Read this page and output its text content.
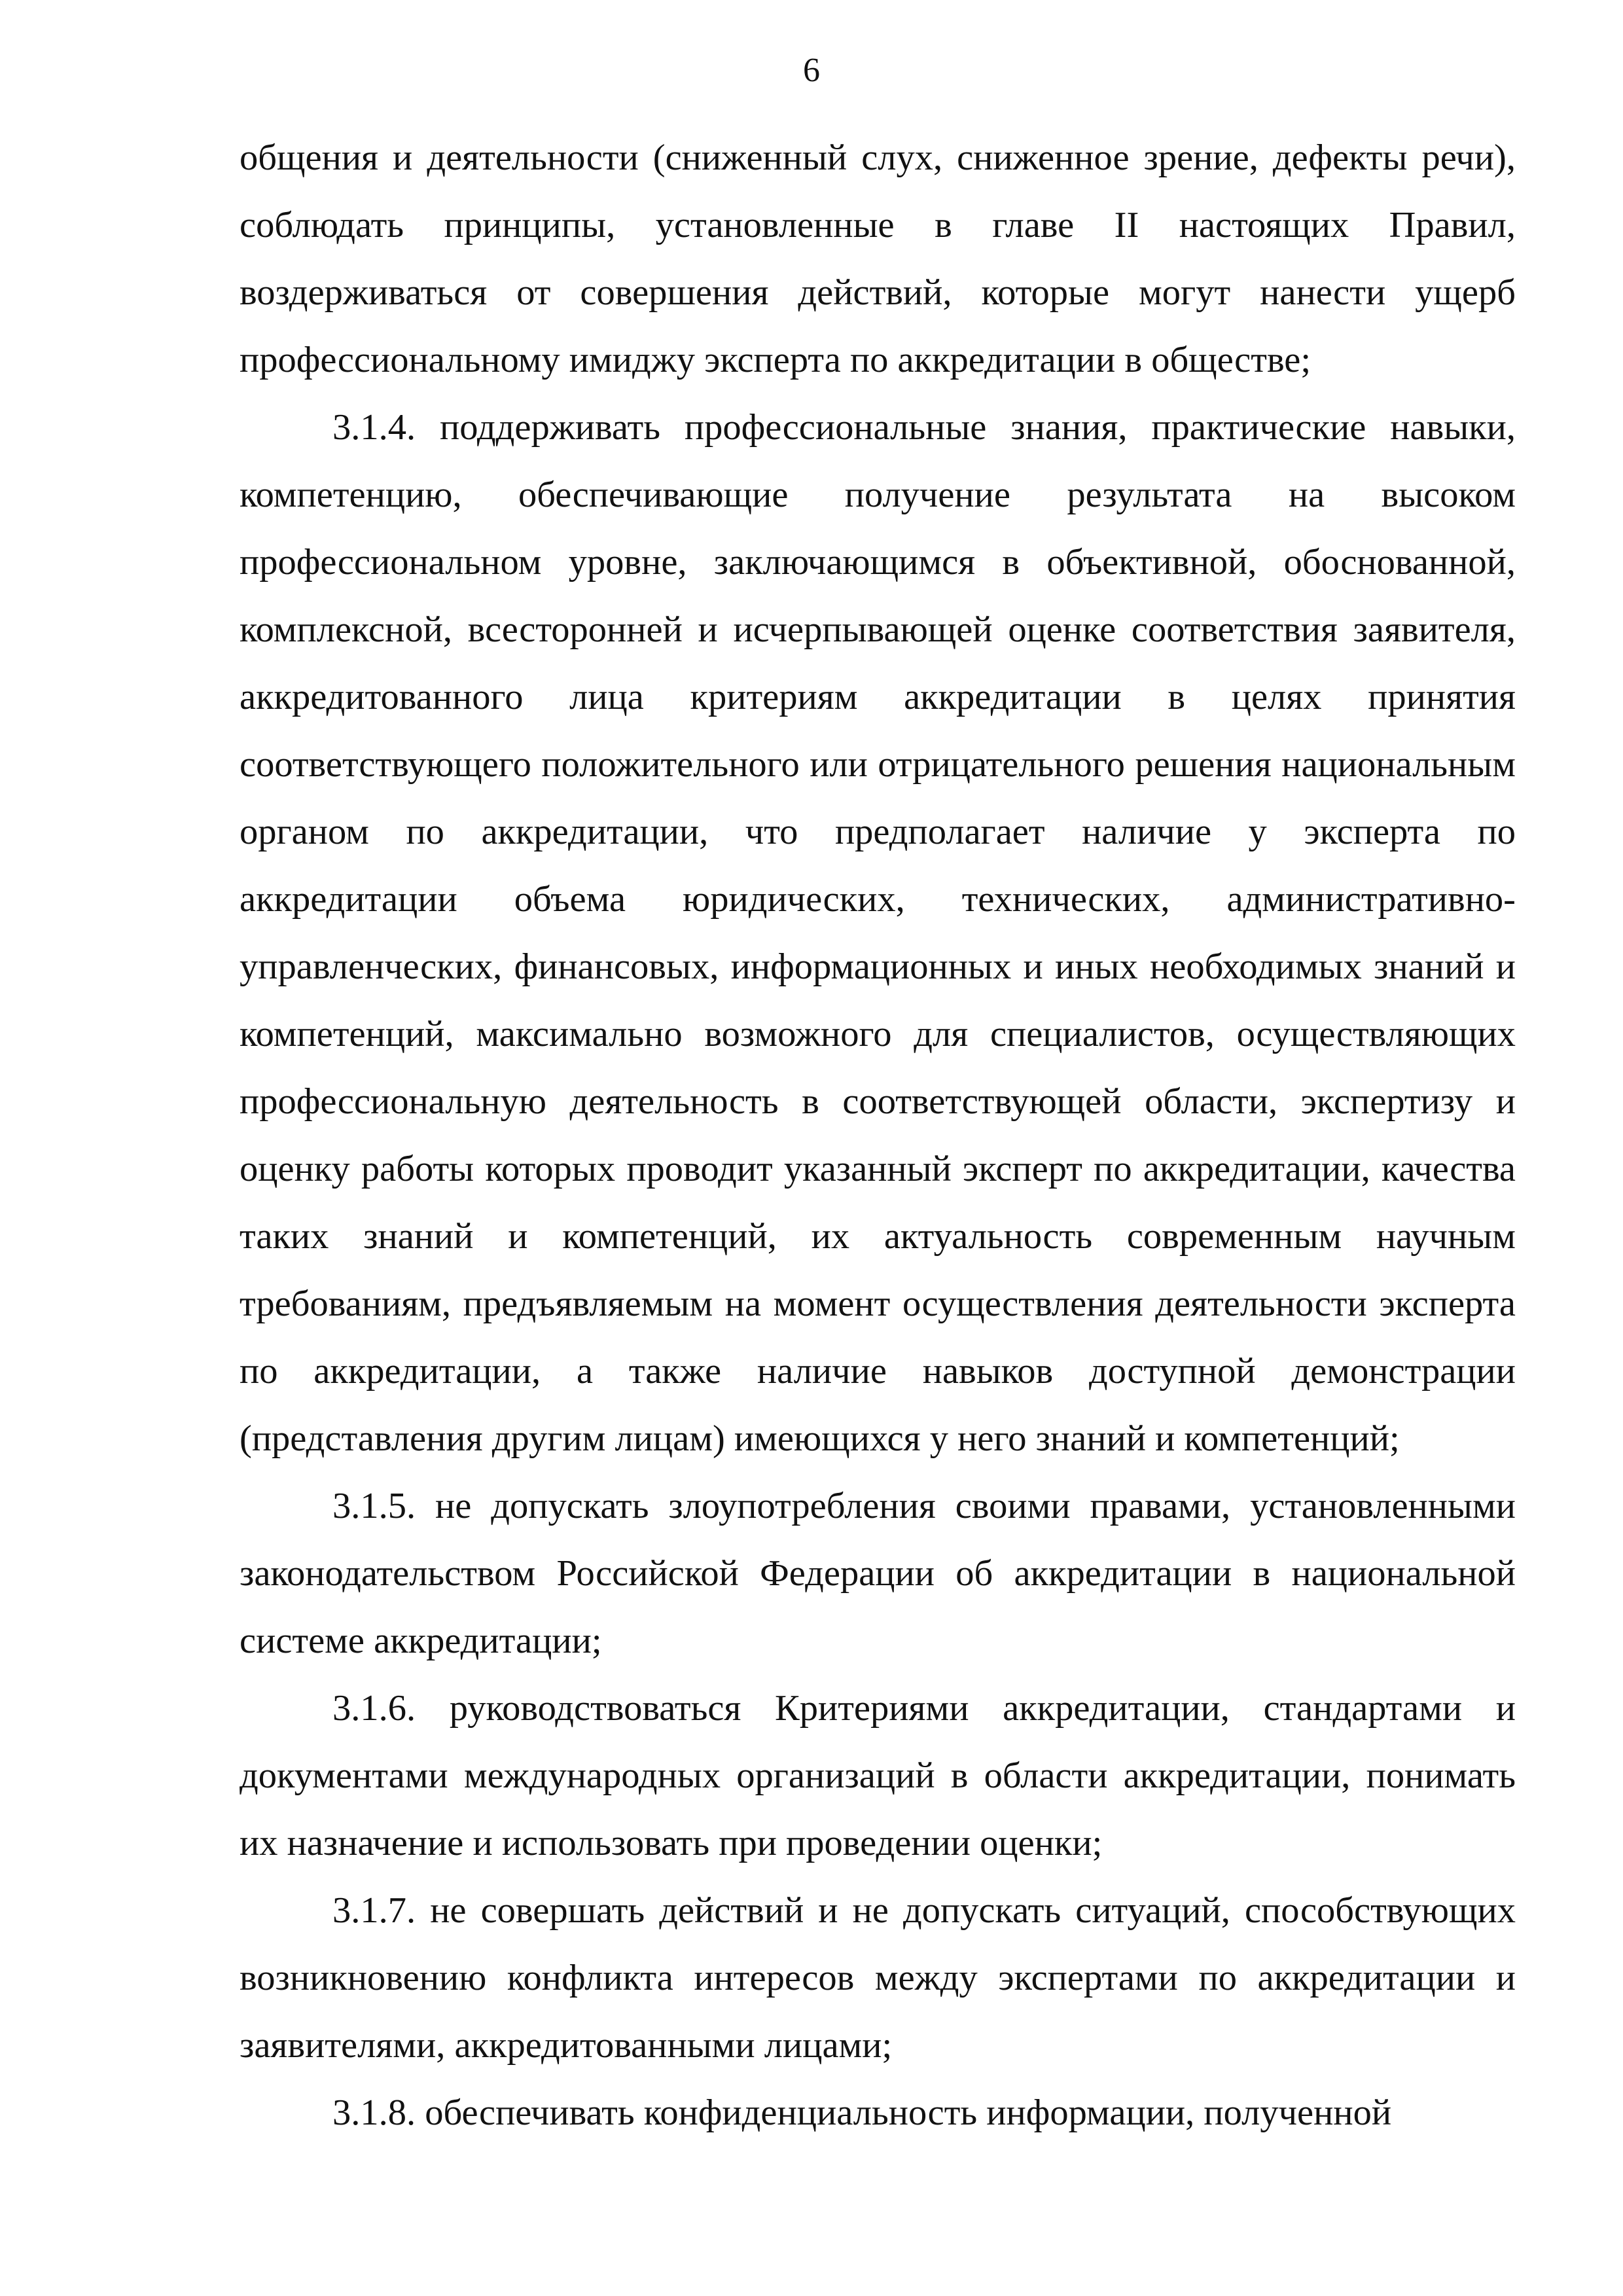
6

общения и деятельности (сниженный слух, сниженное зрение, дефекты речи), соблюдать принципы, установленные в главе II настоящих Правил, воздерживаться от совершения действий, которые могут нанести ущерб профессиональному имиджу эксперта по аккредитации в обществе;

3.1.4. поддерживать профессиональные знания, практические навыки, компетенцию, обеспечивающие получение результата на высоком профессиональном уровне, заключающимся в объективной, обоснованной, комплексной, всесторонней и исчерпывающей оценке соответствия заявителя, аккредитованного лица критериям аккредитации в целях принятия соответствующего положительного или отрицательного решения национальным органом по аккредитации, что предполагает наличие у эксперта по аккредитации объема юридических, технических, административно-управленческих, финансовых, информационных и иных необходимых знаний и компетенций, максимально возможного для специалистов, осуществляющих профессиональную деятельность в соответствующей области, экспертизу и оценку работы которых проводит указанный эксперт по аккредитации, качества таких знаний и компетенций, их актуальность современным научным требованиям, предъявляемым на момент осуществления деятельности эксперта по аккредитации, а также наличие навыков доступной демонстрации (представления другим лицам) имеющихся у него знаний и компетенций;

3.1.5. не допускать злоупотребления своими правами, установленными законодательством Российской Федерации об аккредитации в национальной системе аккредитации;

3.1.6. руководствоваться Критериями аккредитации, стандартами и документами международных организаций в области аккредитации, понимать их назначение и использовать при проведении оценки;

3.1.7. не совершать действий и не допускать ситуаций, способствующих возникновению конфликта интересов между экспертами по аккредитации и заявителями, аккредитованными лицами;

3.1.8. обеспечивать конфиденциальность информации, полученной
